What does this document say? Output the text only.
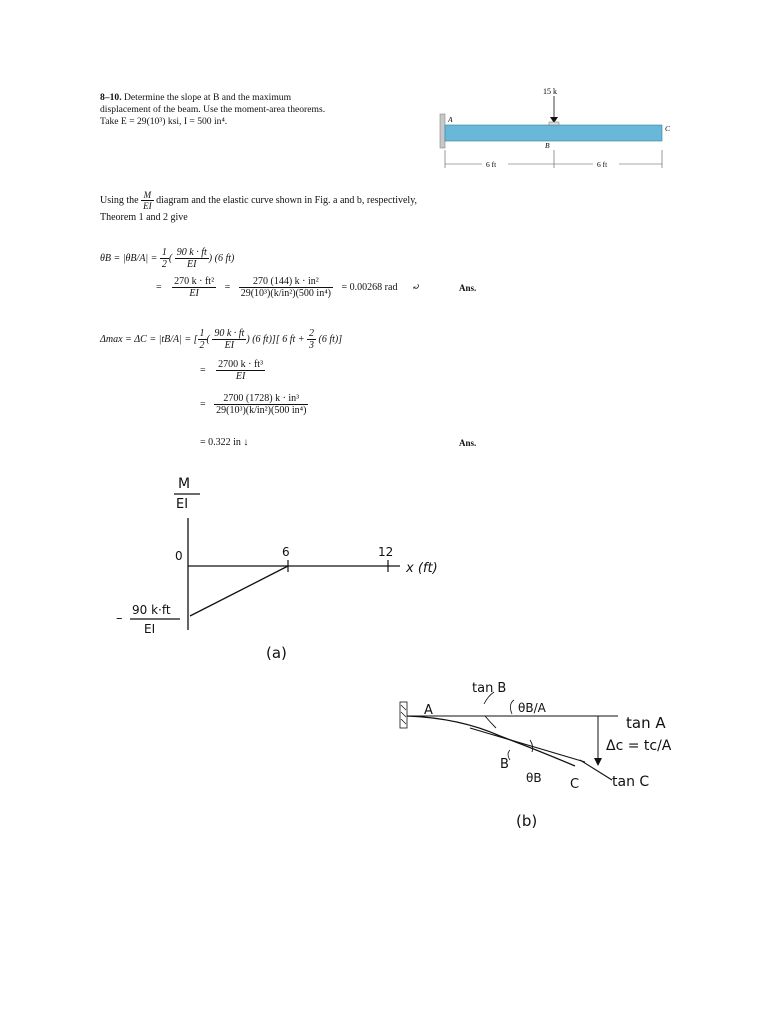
8–10. Determine the slope at B and the maximum
displacement of the beam. Use the moment-area theorems.
Take E = 29(10³) ksi, I = 500 in⁴.
15 k
A
C
B
6 ft	6 ft
Using the $\frac{M}{EI}$ diagram and the elastic curve shown in Fig. a and b, respectively,
Theorem 1 and 2 give
$\theta B = |\theta B/A| = \frac{1}{2}$ ( $\frac{90 k \cdot ft}{EI}$ ) (6 ft)
= $\frac{\text{270 k · ft²}}{EI} = \frac{\text{270 (144) k · in²}}{\text{29(10³)(k/in²)(500 in⁴)}} = 0.00268$ rad ⤾	Ans.
Δmax = ΔC = |tB/A| = [ $\frac{1}{2}$ ( $\frac{90 k \cdot ft}{EI}$ ) (6 ft)][ 6 ft + $\frac{2}{3} (6$ ft)]
= $\frac{\text{2700 k · ft³}}{EI}$
= $\frac{\text{2700 (1728) k · in³}}{\text{29(10³)(k/in²)(500 in⁴)}}$
= 0.322 in ↓	Ans.
M
EI
0	6	12
x (ft)
–
90 k·ft
EI
(a)
tan B
θB/A
A
tan A
Δc = tc/A
B
C
θB	tan C
(b)
